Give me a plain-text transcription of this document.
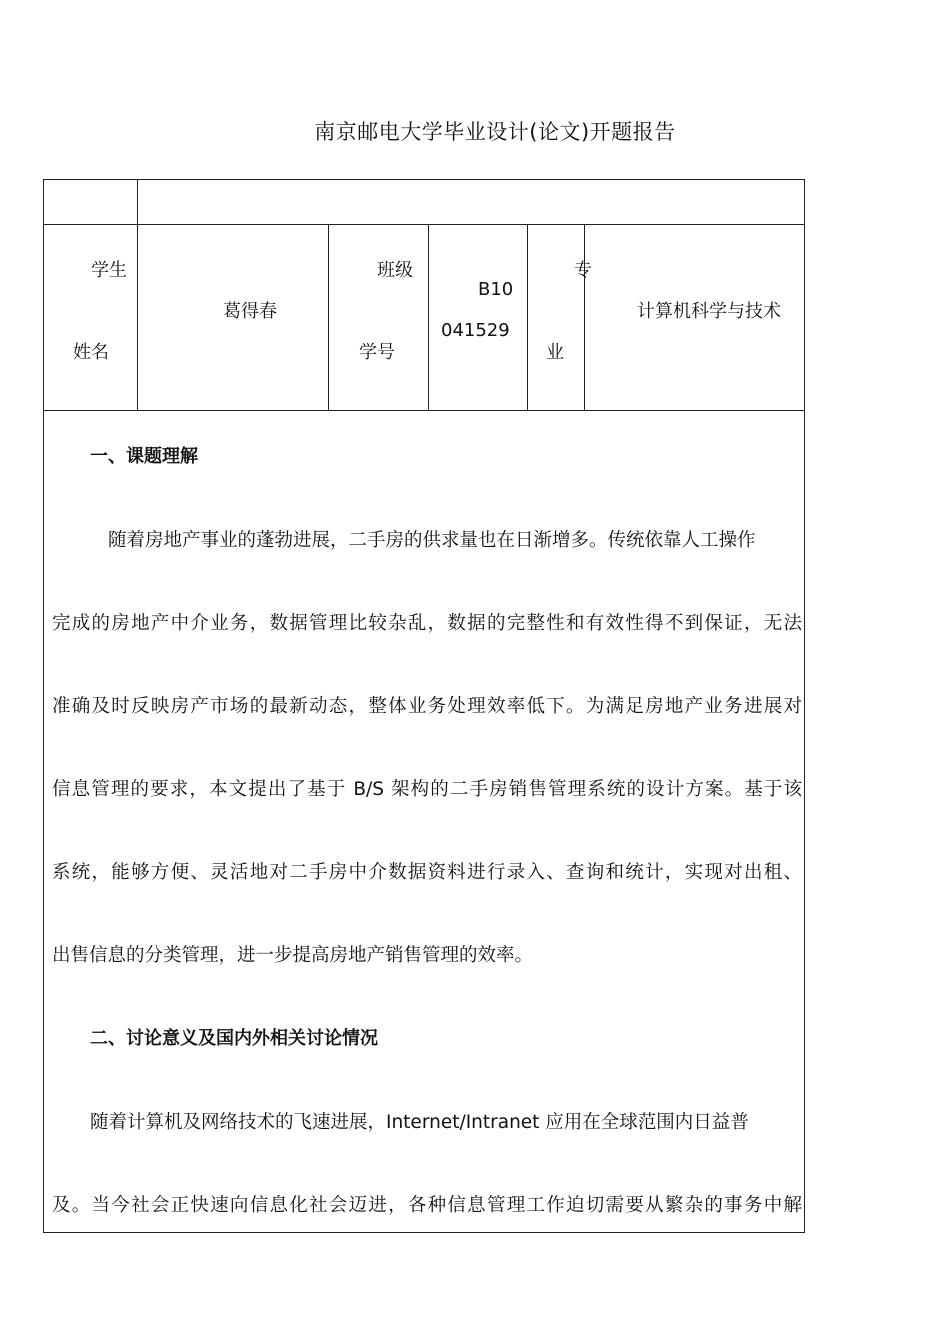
南京邮电大学毕业设计(论文)开题报告
学生
姓名
葛得春
班级
学号
B10
041529
专
业
计算机科学与技术
一、课题理解
随着房地产事业的蓬勃进展，二手房的供求量也在日渐增多。传统依靠人工操作
完成的房地产中介业务，数据管理比较杂乱，数据的完整性和有效性得不到保证，无法
准确及时反映房产市场的最新动态，整体业务处理效率低下。为满足房地产业务进展对
信息管理的要求，本文提出了基于 B/S 架构的二手房销售管理系统的设计方案。基于该
系统，能够方便、灵活地对二手房中介数据资料进行录入、查询和统计，实现对出租、
出售信息的分类管理，进一步提高房地产销售管理的效率。
二、讨论意义及国内外相关讨论情况
随着计算机及网络技术的飞速进展，Internet/Intranet 应用在全球范围内日益普
及。当今社会正快速向信息化社会迈进，各种信息管理工作迫切需要从繁杂的事务中解
